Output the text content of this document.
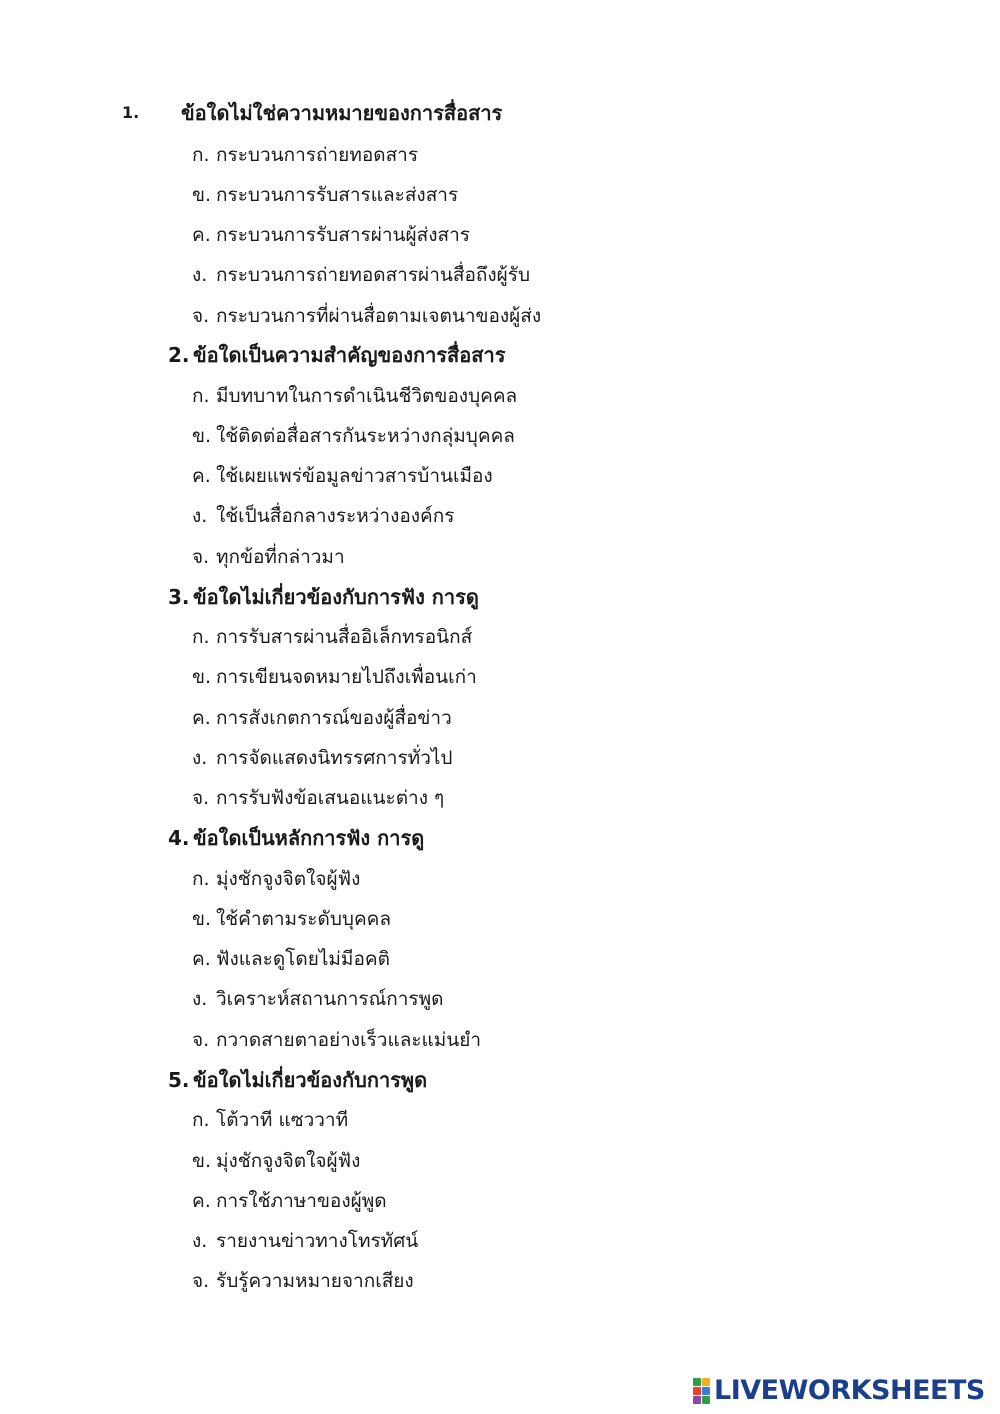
1. ข้อใดไม่ใช่ความหมายของการสื่อสาร
ก. กระบวนการถ่ายทอดสาร
ข. กระบวนการรับสารและส่งสาร
ค. กระบวนการรับสารผ่านผู้ส่งสาร
ง. กระบวนการถ่ายทอดสารผ่านสื่อถึงผู้รับ
จ. กระบวนการที่ผ่านสื่อตามเจตนาของผู้ส่ง
2. ข้อใดเป็นความสำคัญของการสื่อสาร
ก. มีบทบาทในการดำเนินชีวิตของบุคคล
ข. ใช้ติดต่อสื่อสารกันระหว่างกลุ่มบุคคล
ค. ใช้เผยแพร่ข้อมูลข่าวสารบ้านเมือง
ง. ใช้เป็นสื่อกลางระหว่างองค์กร
จ. ทุกข้อที่กล่าวมา
3. ข้อใดไม่เกี่ยวข้องกับการฟัง การดู
ก. การรับสารผ่านสื่ออิเล็กทรอนิกส์
ข. การเขียนจดหมายไปถึงเพื่อนเก่า
ค. การสังเกตการณ์ของผู้สื่อข่าว
ง. การจัดแสดงนิทรรศการทั่วไป
จ. การรับฟังข้อเสนอแนะต่าง ๆ
4. ข้อใดเป็นหลักการฟัง การดู
ก. มุ่งชักจูงจิตใจผู้ฟัง
ข. ใช้คำตามระดับบุคคล
ค. ฟังและดูโดยไม่มีอคติ
ง. วิเคราะห์สถานการณ์การพูด
จ. กวาดสายตาอย่างเร็วและแม่นยำ
5. ข้อใดไม่เกี่ยวข้องกับการพูด
ก. โต้วาที แซววาที
ข. มุ่งชักจูงจิตใจผู้ฟัง
ค. การใช้ภาษาของผู้พูด
ง. รายงานข่าวทางโทรทัศน์
จ. รับรู้ความหมายจากเสียง
LIVEWORKSHEETS
